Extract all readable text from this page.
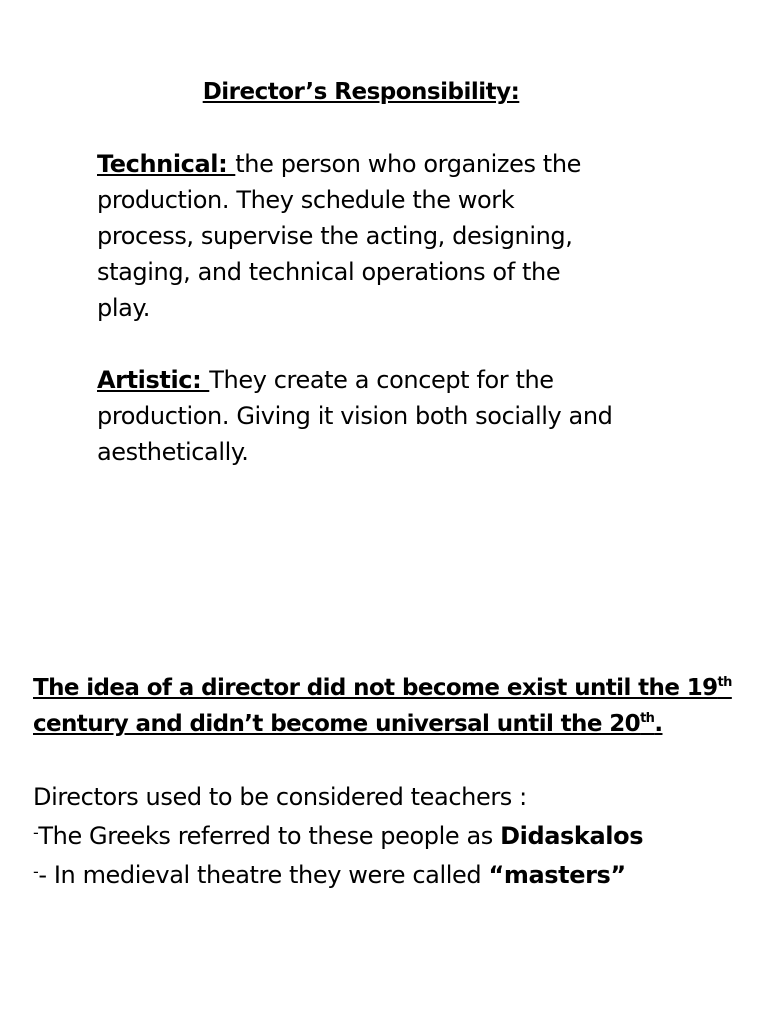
Director’s Responsibility:
Technical: the person who organizes the production. They schedule the work process, supervise the acting, designing, staging, and technical operations of the play.
Artistic: They create a concept for the production. Giving it vision both socially and aesthetically.
The idea of a director did not become exist until the 19th
century and didn’t become universal until the 20th.
Directors used to be considered teachers :
-The Greeks referred to these people as Didaskalos
-- In medieval theatre they were called “masters”
